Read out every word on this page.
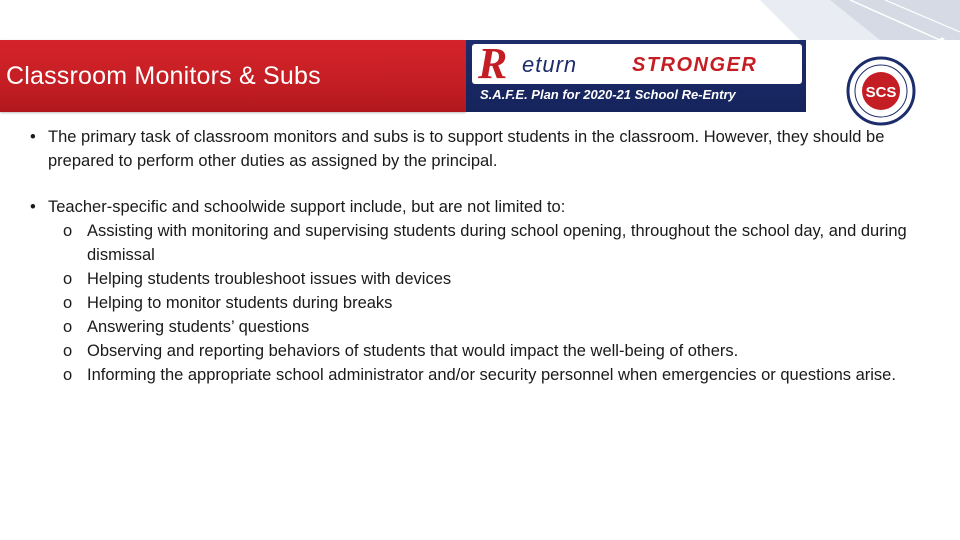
Classroom Monitors & Subs	R eturn	STRONGER
S.A.F.E. Plan for 2020-21 School Re-Entry	SCS
• The primary task of classroom monitors and subs is to support students in the classroom. However, they should be prepared to perform other duties as assigned by the principal.
• Teacher-specific and schoolwide support include, but are not limited to:
o Assisting with monitoring and supervising students during school opening, throughout the school day, and during dismissal
o Helping students troubleshoot issues with devices
o Helping to monitor students during breaks
o Answering students’ questions
o Observing and reporting behaviors of students that would impact the well-being of others.
o Informing the appropriate school administrator and/or security personnel when emergencies or questions arise.
